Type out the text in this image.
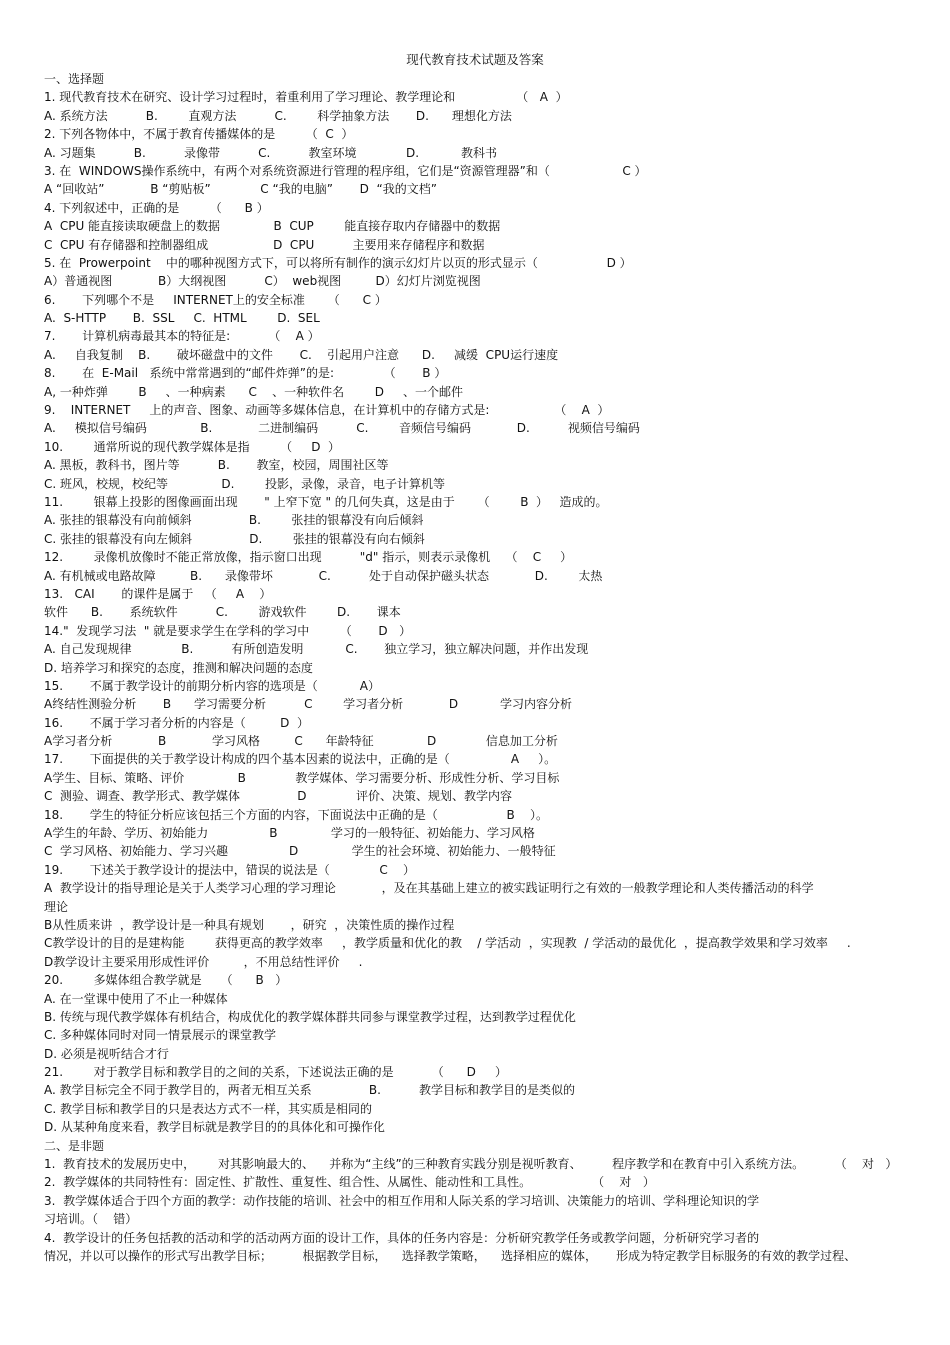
现代教育技术试题及答案
一、选择题
1. 现代教育技术在研究、设计学习过程时，着重利用了学习理论、教学理论和                （   A  ）
A. 系统方法          B.        直观方法          C.        科学抽象方法       D.      理想化方法
2. 下列各物体中，不属于教育传播媒体的是        （  C  ）
A. 习题集          B.          录像带          C.          教室环境             D.           教科书
3. 在  WINDOWS操作系统中，有两个对系统资源进行管理的程序组，它们是“资源管理器”和（                   C ）
A “回收站”            B “剪贴板”             C “我的电脑”       D  “我的文档”
4. 下列叙述中，正确的是        （      B ）
A  CPU 能直接读取硬盘上的数据              B  CUP        能直接存取内存储器中的数据
C  CPU 有存储器和控制器组成                 D  CPU          主要用来存储程序和数据
5. 在  Prowerpoint    中的哪种视图方式下，可以将所有制作的演示幻灯片以页的形式显示（                  D ）
A）普通视图            B）大纲视图          C）  web视图         D）幻灯片浏览视图
6.       下列哪个不是     INTERNET上的安全标准      （      C ）
A.  S-HTTP       B.  SSL     C.  HTML        D.  SEL
7.       计算机病毒最其本的特征是:          （    A ）
A.     自我复制    B.       破坏磁盘中的文件       C.    引起用户注意      D.     减缓  CPU运行速度
8.       在  E-Mail   系统中常常遇到的“邮件炸弹”的是:             （       B ）
A, 一种炸弹        B     、一种病素      C    、一种软件名        D     、一个邮件
9.    INTERNET     上的声音、图象、动画等多媒体信息，在计算机中的存储方式是:                 （    A  ）
A.     模拟信号编码              B.            二进制编码          C.        音频信号编码            D.          视频信号编码
10.        通常所说的现代教学媒体是指        （     D  ）
A. 黑板，教科书，图片等          B.       教室，校园，周围社区等
C. 班风，校规，校纪等              D.        投影，录像，录音，电子计算机等
11.        银幕上投影的图像画面出现       " 上窄下宽 " 的几何失真，这是由于      （        B  ）   造成的。
A. 张挂的银幕没有向前倾斜               B.        张挂的银幕没有向后倾斜
C. 张挂的银幕没有向左倾斜               D.        张挂的银幕没有向右倾斜
12.        录像机放像时不能正常放像，指示窗口出现          "d" 指示，则表示录像机    （    C     ）
A. 有机械或电路故障         B.      录像带坏            C.          处于自动保护磁头状态            D.        太热
13.   CAI       的课件是属于   （     A    ）
软件      B.       系统软件          C.        游戏软件        D.       课本
14."  发现学习法  " 就是要求学生在学科的学习中        （       D   ）
A. 自己发现规律             B.          有所创造发明           C.       独立学习，独立解决问题，并作出发现
D. 培养学习和探究的态度，推测和解决问题的态度
15.       不属于教学设计的前期分析内容的选项是（           A）
A终结性测验分析       B      学习需要分析          C        学习者分析            D           学习内容分析
16.       不属于学习者分析的内容是（         D  ）
A学习者分析            B            学习风格         C      年龄特征              D             信息加工分析
17.       下面提供的关于教学设计构成的四个基本因素的说法中，正确的是（                A     ）。
A学生、目标、策略、评价              B             教学媒体、学习需要分析、形成性分析、学习目标
C  测验、调查、教学形式、教学媒体               D             评价、决策、规划、教学内容
18.       学生的特征分析应该包括三个方面的内容，下面说法中正确的是（                  B    ）。
A学生的年龄、学历、初始能力                B              学习的一般特征、初始能力、学习风格
C  学习风格、初始能力、学习兴趣                D              学生的社会环境、初始能力、一般特征
19.       下述关于教学设计的提法中，错误的说法是（             C    ）
A  教学设计的指导理论是关于人类学习心理的学习理论            ，及在其基础上建立的被实践证明行之有效的一般教学理论和人类传播活动的科学
理论
B从性质来讲  ，教学设计是一种具有规划       ，研究  ，决策性质的操作过程
C教学设计的目的是建构能        获得更高的教学效率     ，教学质量和优化的教    / 学活动  ，实现教  / 学活动的最优化  ，提高教学效果和学习效率     .
D教学设计主要采用形成性评价         ，不用总结性评价     .
20.        多媒体组合教学就是     （      B   ）
A. 在一堂课中使用了不止一种媒体
B. 传统与现代教学媒体有机结合，构成优化的教学媒体群共同参与课堂教学过程，达到教学过程优化
C. 多种媒体同时对同一情景展示的课堂教学
D. 必须是视听结合才行
21.        对于教学目标和教学目的之间的关系，下述说法正确的是          （      D     ）
A. 教学目标完全不同于教学目的，两者无相互关系               B.          教学目标和教学目的是类似的
C. 教学目标和教学目的只是表达方式不一样，其实质是相同的
D. 从某种角度来看，教学目标就是教学目的的具体化和可操作化
二、是非题
1.  教育技术的发展历史中，      对其影响最大的、    并称为“主线”的三种教育实践分别是视听教育、        程序教学和在教育中引入系统方法。        （    对   ）
2.  教学媒体的共同特性有：固定性、扩散性、重复性、组合性、从属性、能动性和工具性。                （    对   ）
3.  教学媒体适合于四个方面的教学：动作技能的培训、社会中的相互作用和人际关系的学习培训、决策能力的培训、学科理论知识的学
习培训。（    错）
4.  教学设计的任务包括教的活动和学的活动两方面的设计工作，具体的任务内容是：分析研究教学任务或教学问题，分析研究学习者的
情况，并以可以操作的形式写出教学目标；        根据教学目标，    选择教学策略，    选择相应的媒体，     形成为特定教学目标服务的有效的教学过程、
